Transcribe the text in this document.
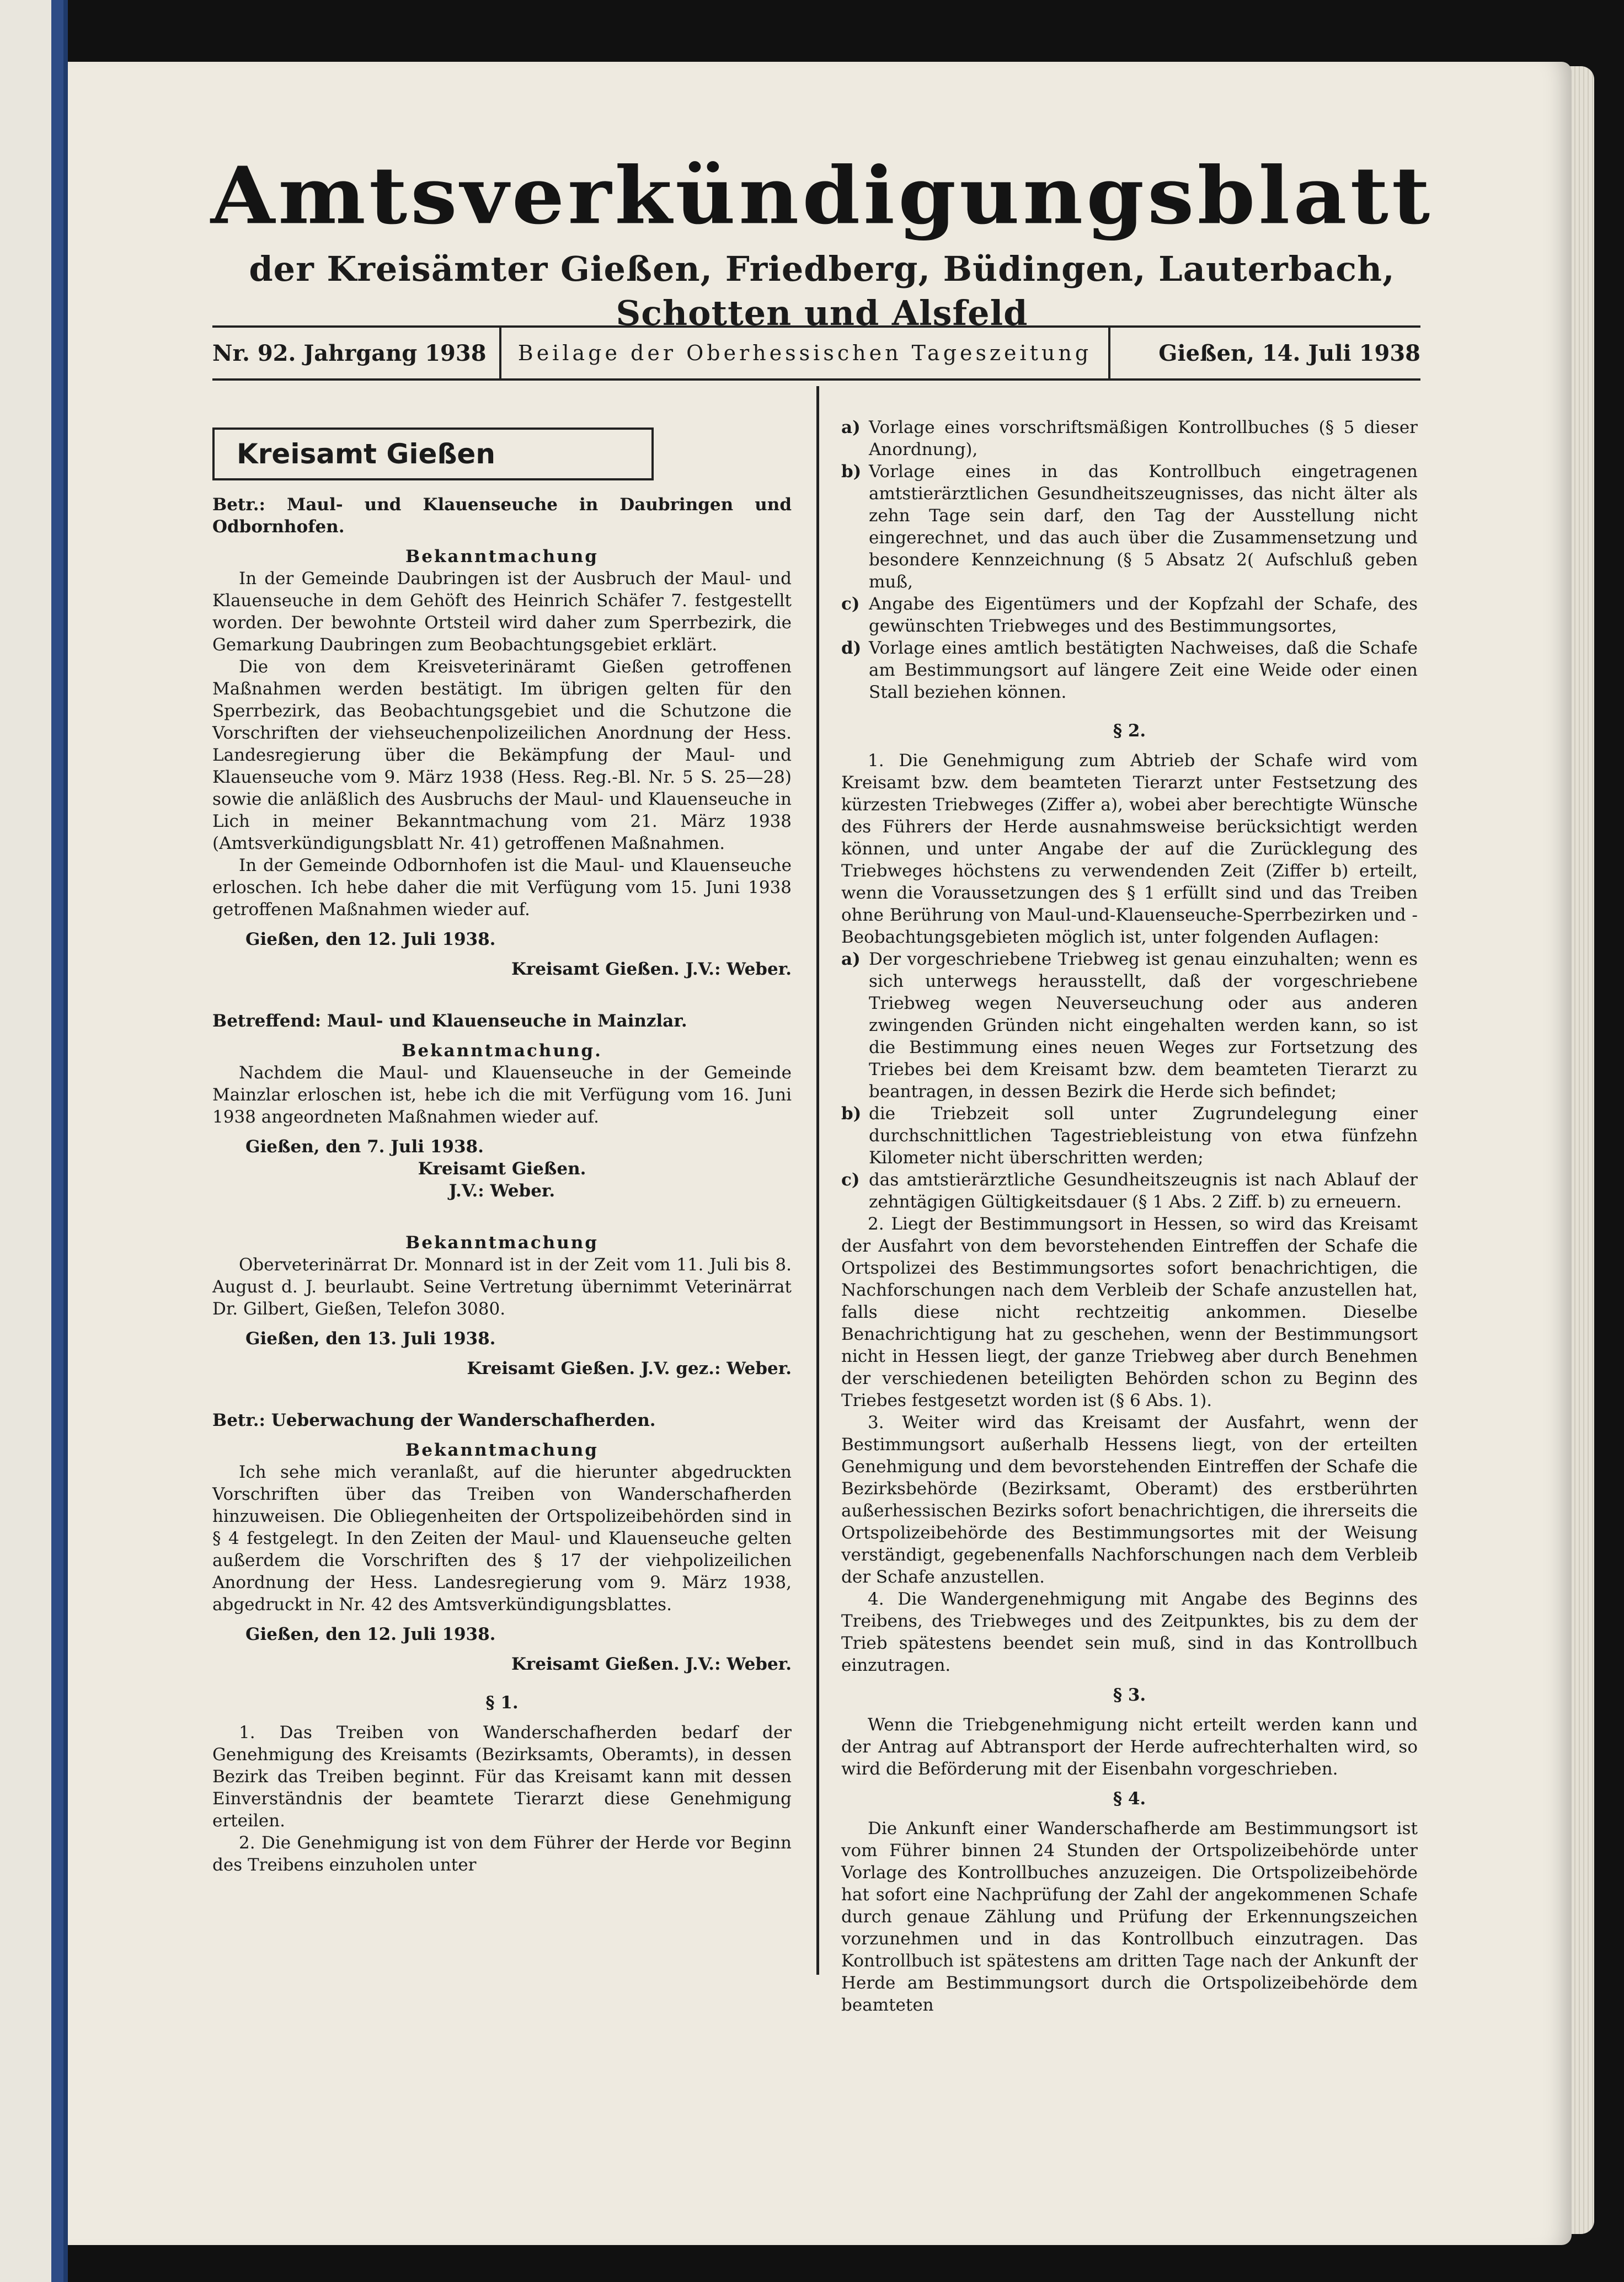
Amtsverkündigungsblatt
der Kreisämter Gießen, Friedberg, Büdingen, Lauterbach, Schotten und Alsfeld
Nr. 92. Jahrgang 1938	Beilage der Oberhessischen Tageszeitung	Gießen, 14. Juli 1938
Kreisamt Gießen

Betr.: Maul- und Klauenseuche in Daubringen und Odbornhofen.

Bekanntmachung

In der Gemeinde Daubringen ist der Ausbruch der Maul- und Klauenseuche in dem Gehöft des Heinrich Schäfer 7. festgestellt worden. Der bewohnte Ortsteil wird daher zum Sperrbezirk, die Gemarkung Daubringen zum Beobachtungsgebiet erklärt.

Die von dem Kreisveterinäramt Gießen getroffenen Maßnahmen werden bestätigt. Im übrigen gelten für den Sperrbezirk, das Beobachtungsgebiet und die Schutzone die Vorschriften der viehseuchenpolizeilichen Anordnung der Hess. Landesregierung über die Bekämpfung der Maul- und Klauenseuche vom 9. März 1938 (Hess. Reg.-Bl. Nr. 5 S. 25—28) sowie die anläßlich des Ausbruchs der Maul- und Klauenseuche in Lich in meiner Bekanntmachung vom 21. März 1938 (Amtsverkündigungsblatt Nr. 41) getroffenen Maßnahmen.

In der Gemeinde Odbornhofen ist die Maul- und Klauenseuche erloschen. Ich hebe daher die mit Verfügung vom 15. Juni 1938 getroffenen Maßnahmen wieder auf.

Gießen, den 12. Juli 1938.

Kreisamt Gießen. J.V.: Weber.

Betreffend: Maul- und Klauenseuche in Mainzlar.

Bekanntmachung.

Nachdem die Maul- und Klauenseuche in der Gemeinde Mainzlar erloschen ist, hebe ich die mit Verfügung vom 16. Juni 1938 angeordneten Maßnahmen wieder auf.

Gießen, den 7. Juli 1938.

Kreisamt Gießen.

J.V.: Weber.

Bekanntmachung

Oberveterinärrat Dr. Monnard ist in der Zeit vom 11. Juli bis 8. August d. J. beurlaubt. Seine Vertretung übernimmt Veterinärrat Dr. Gilbert, Gießen, Telefon 3080.

Gießen, den 13. Juli 1938.

Kreisamt Gießen. J.V. gez.: Weber.

Betr.: Ueberwachung der Wanderschafherden.

Bekanntmachung

Ich sehe mich veranlaßt, auf die hierunter abgedruckten Vorschriften über das Treiben von Wanderschafherden hinzuweisen. Die Obliegenheiten der Ortspolizeibehörden sind in § 4 festgelegt. In den Zeiten der Maul- und Klauenseuche gelten außerdem die Vorschriften des § 17 der viehpolizeilichen Anordnung der Hess. Landesregierung vom 9. März 1938, abgedruckt in Nr. 42 des Amtsverkündigungsblattes.

Gießen, den 12. Juli 1938.

Kreisamt Gießen. J.V.: Weber.

§ 1.

1. Das Treiben von Wanderschafherden bedarf der Genehmigung des Kreisamts (Bezirksamts, Oberamts), in dessen Bezirk das Treiben beginnt. Für das Kreisamt kann mit dessen Einverständnis der beamtete Tierarzt diese Genehmigung erteilen.

2. Die Genehmigung ist von dem Führer der Herde vor Beginn des Treibens einzuholen unter

a) Vorlage eines vorschriftsmäßigen Kontrollbuches (§ 5 dieser Anordnung),
b) Vorlage eines in das Kontrollbuch eingetragenen amtstierärztlichen Gesundheitszeugnisses, das nicht älter als zehn Tage sein darf, den Tag der Ausstellung nicht eingerechnet, und das auch über die Zusammensetzung und besondere Kennzeichnung (§ 5 Absatz 2( Aufschluß geben muß,
c) Angabe des Eigentümers und der Kopfzahl der Schafe, des gewünschten Triebweges und des Bestimmungsortes,
d) Vorlage eines amtlich bestätigten Nachweises, daß die Schafe am Bestimmungsort auf längere Zeit eine Weide oder einen Stall beziehen können.

§ 2.

1. Die Genehmigung zum Abtrieb der Schafe wird vom Kreisamt bzw. dem beamteten Tierarzt unter Festsetzung des kürzesten Triebweges (Ziffer a), wobei aber berechtigte Wünsche des Führers der Herde ausnahmsweise berücksichtigt werden können, und unter Angabe der auf die Zurücklegung des Triebweges höchstens zu verwendenden Zeit (Ziffer b) erteilt, wenn die Voraussetzungen des § 1 erfüllt sind und das Treiben ohne Berührung von Maul-und-Klauenseuche-Sperrbezirken und -Beobachtungsgebieten möglich ist, unter folgenden Auflagen:

a) Der vorgeschriebene Triebweg ist genau einzuhalten; wenn es sich unterwegs herausstellt, daß der vorgeschriebene Triebweg wegen Neuverseuchung oder aus anderen zwingenden Gründen nicht eingehalten werden kann, so ist die Bestimmung eines neuen Weges zur Fortsetzung des Triebes bei dem Kreisamt bzw. dem beamteten Tierarzt zu beantragen, in dessen Bezirk die Herde sich befindet;
b) die Triebzeit soll unter Zugrundelegung einer durchschnittlichen Tagestriebleistung von etwa fünfzehn Kilometer nicht überschritten werden;
c) das amtstierärztliche Gesundheitszeugnis ist nach Ablauf der zehntägigen Gültigkeitsdauer (§ 1 Abs. 2 Ziff. b) zu erneuern.

2. Liegt der Bestimmungsort in Hessen, so wird das Kreisamt der Ausfahrt von dem bevorstehenden Eintreffen der Schafe die Ortspolizei des Bestimmungsortes sofort benachrichtigen, die Nachforschungen nach dem Verbleib der Schafe anzustellen hat, falls diese nicht rechtzeitig ankommen. Dieselbe Benachrichtigung hat zu geschehen, wenn der Bestimmungsort nicht in Hessen liegt, der ganze Triebweg aber durch Benehmen der verschiedenen beteiligten Behörden schon zu Beginn des Triebes festgesetzt worden ist (§ 6 Abs. 1).

3. Weiter wird das Kreisamt der Ausfahrt, wenn der Bestimmungsort außerhalb Hessens liegt, von der erteilten Genehmigung und dem bevorstehenden Eintreffen der Schafe die Bezirksbehörde (Bezirksamt, Oberamt) des erstberührten außerhessischen Bezirks sofort benachrichtigen, die ihrerseits die Ortspolizeibehörde des Bestimmungsortes mit der Weisung verständigt, gegebenenfalls Nachforschungen nach dem Verbleib der Schafe anzustellen.

4. Die Wandergenehmigung mit Angabe des Beginns des Treibens, des Triebweges und des Zeitpunktes, bis zu dem der Trieb spätestens beendet sein muß, sind in das Kontrollbuch einzutragen.

§ 3.

Wenn die Triebgenehmigung nicht erteilt werden kann und der Antrag auf Abtransport der Herde aufrechterhalten wird, so wird die Beförderung mit der Eisenbahn vorgeschrieben.

§ 4.

Die Ankunft einer Wanderschafherde am Bestimmungsort ist vom Führer binnen 24 Stunden der Ortspolizeibehörde unter Vorlage des Kontrollbuches anzuzeigen. Die Ortspolizeibehörde hat sofort eine Nachprüfung der Zahl der angekommenen Schafe durch genaue Zählung und Prüfung der Erkennungszeichen vorzunehmen und in das Kontrollbuch einzutragen. Das Kontrollbuch ist spätestens am dritten Tage nach der Ankunft der Herde am Bestimmungsort durch die Ortspolizeibehörde dem beamteten
